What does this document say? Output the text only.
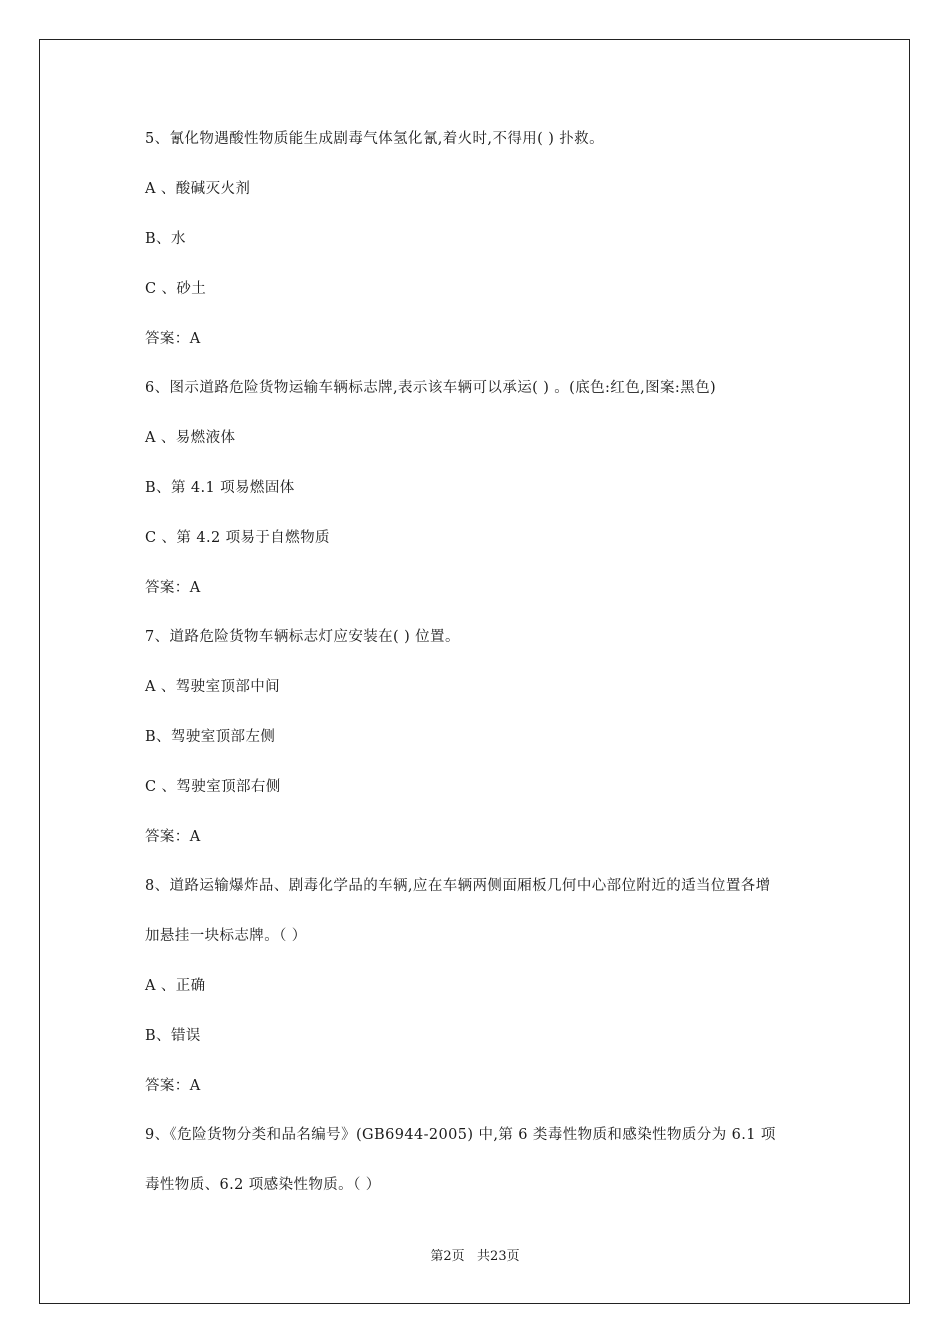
5、氰化物遇酸性物质能生成剧毒气体氢化氰,着火时,不得用( ) 扑救。
A 、酸碱灭火剂
B、水
C 、砂土
答案：A
6、图示道路危险货物运输车辆标志牌,表示该车辆可以承运( ) 。(底色:红色,图案:黑色)
A 、易燃液体
B、第 4.1 项易燃固体
C 、第 4.2 项易于自燃物质
答案：A
7、道路危险货物车辆标志灯应安装在( ) 位置。
A 、驾驶室顶部中间
B、驾驶室顶部左侧
C 、驾驶室顶部右侧
答案：A
8、道路运输爆炸品、剧毒化学品的车辆,应在车辆两侧面厢板几何中心部位附近的适当位置各增
加悬挂一块标志牌。（ ）
A 、正确
B、错误
答案：A
9、《危险货物分类和品名编号》(GB6944-2005) 中,第 6 类毒性物质和感染性物质分为 6.1 项
毒性物质、6.2 项感染性物质。（ ）
第2页   共23页
